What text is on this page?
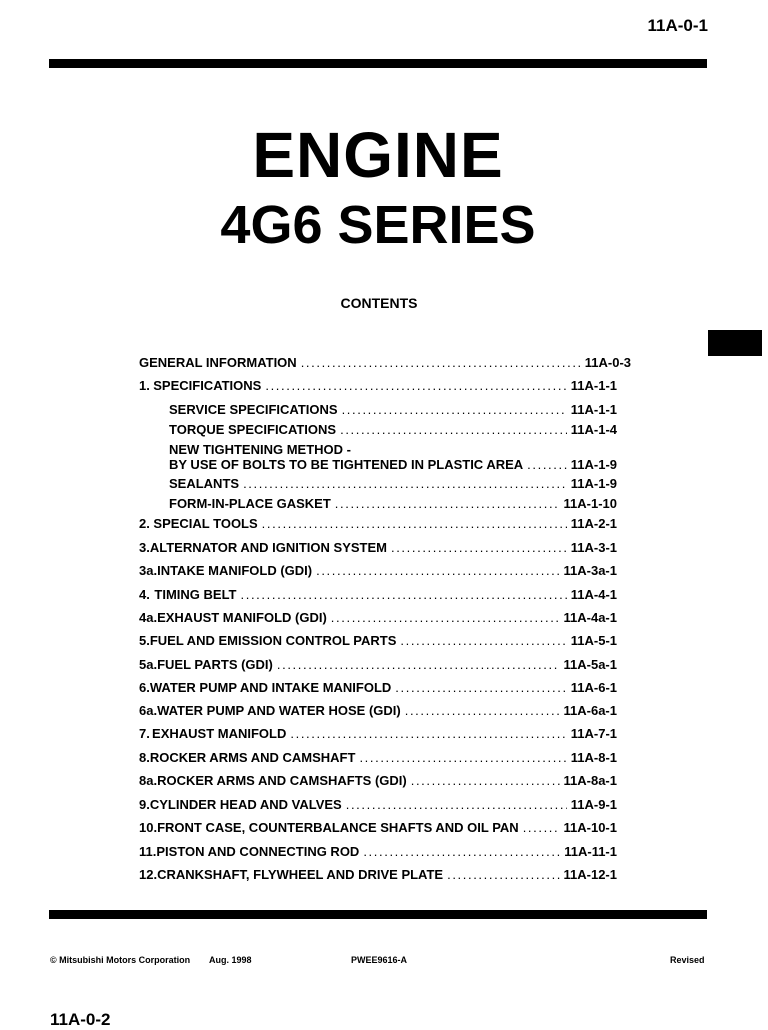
11A-0-1
ENGINE
4G6 SERIES
CONTENTS
GENERAL INFORMATION . . .	11A-0-3
1. SPECIFICATIONS . . .	11A-1-1
SERVICE SPECIFICATIONS . . .	11A-1-1
TORQUE SPECIFICATIONS . . .	11A-1-4
NEW TIGHTENING METHOD -
BY USE OF BOLTS TO BE TIGHTENED IN PLASTIC AREA . . .	11A-1-9
SEALANTS . . .	11A-1-9
FORM-IN-PLACE GASKET . . .	11A-1-10
2. SPECIAL TOOLS . . .	11A-2-1
3. ALTERNATOR AND IGNITION SYSTEM . . .	11A-3-1
3a. INTAKE MANIFOLD (GDI) . . .	11A-3a-1
4. TIMING BELT . . .	11A-4-1
4a. EXHAUST MANIFOLD (GDI) . . .	11A-4a-1
5. FUEL AND EMISSION CONTROL PARTS . . .	11A-5-1
5a. FUEL PARTS (GDI) . . .	11A-5a-1
6. WATER PUMP AND INTAKE MANIFOLD . . .	11A-6-1
6a. WATER PUMP AND WATER HOSE (GDI) . . .	11A-6a-1
7. EXHAUST MANIFOLD . . .	11A-7-1
8. ROCKER ARMS AND CAMSHAFT . . .	11A-8-1
8a. ROCKER ARMS AND CAMSHAFTS (GDI) . . .	11A-8a-1
9. CYLINDER HEAD AND VALVES . . .	11A-9-1
10. FRONT CASE, COUNTERBALANCE SHAFTS AND OIL PAN . . .	11A-10-1
11. PISTON AND CONNECTING ROD . . .	11A-11-1
12. CRANKSHAFT, FLYWHEEL AND DRIVE PLATE . . .	11A-12-1
© Mitsubishi Motors Corporation Aug. 1998	PWEE9616-A	Revised
11A-0-2
